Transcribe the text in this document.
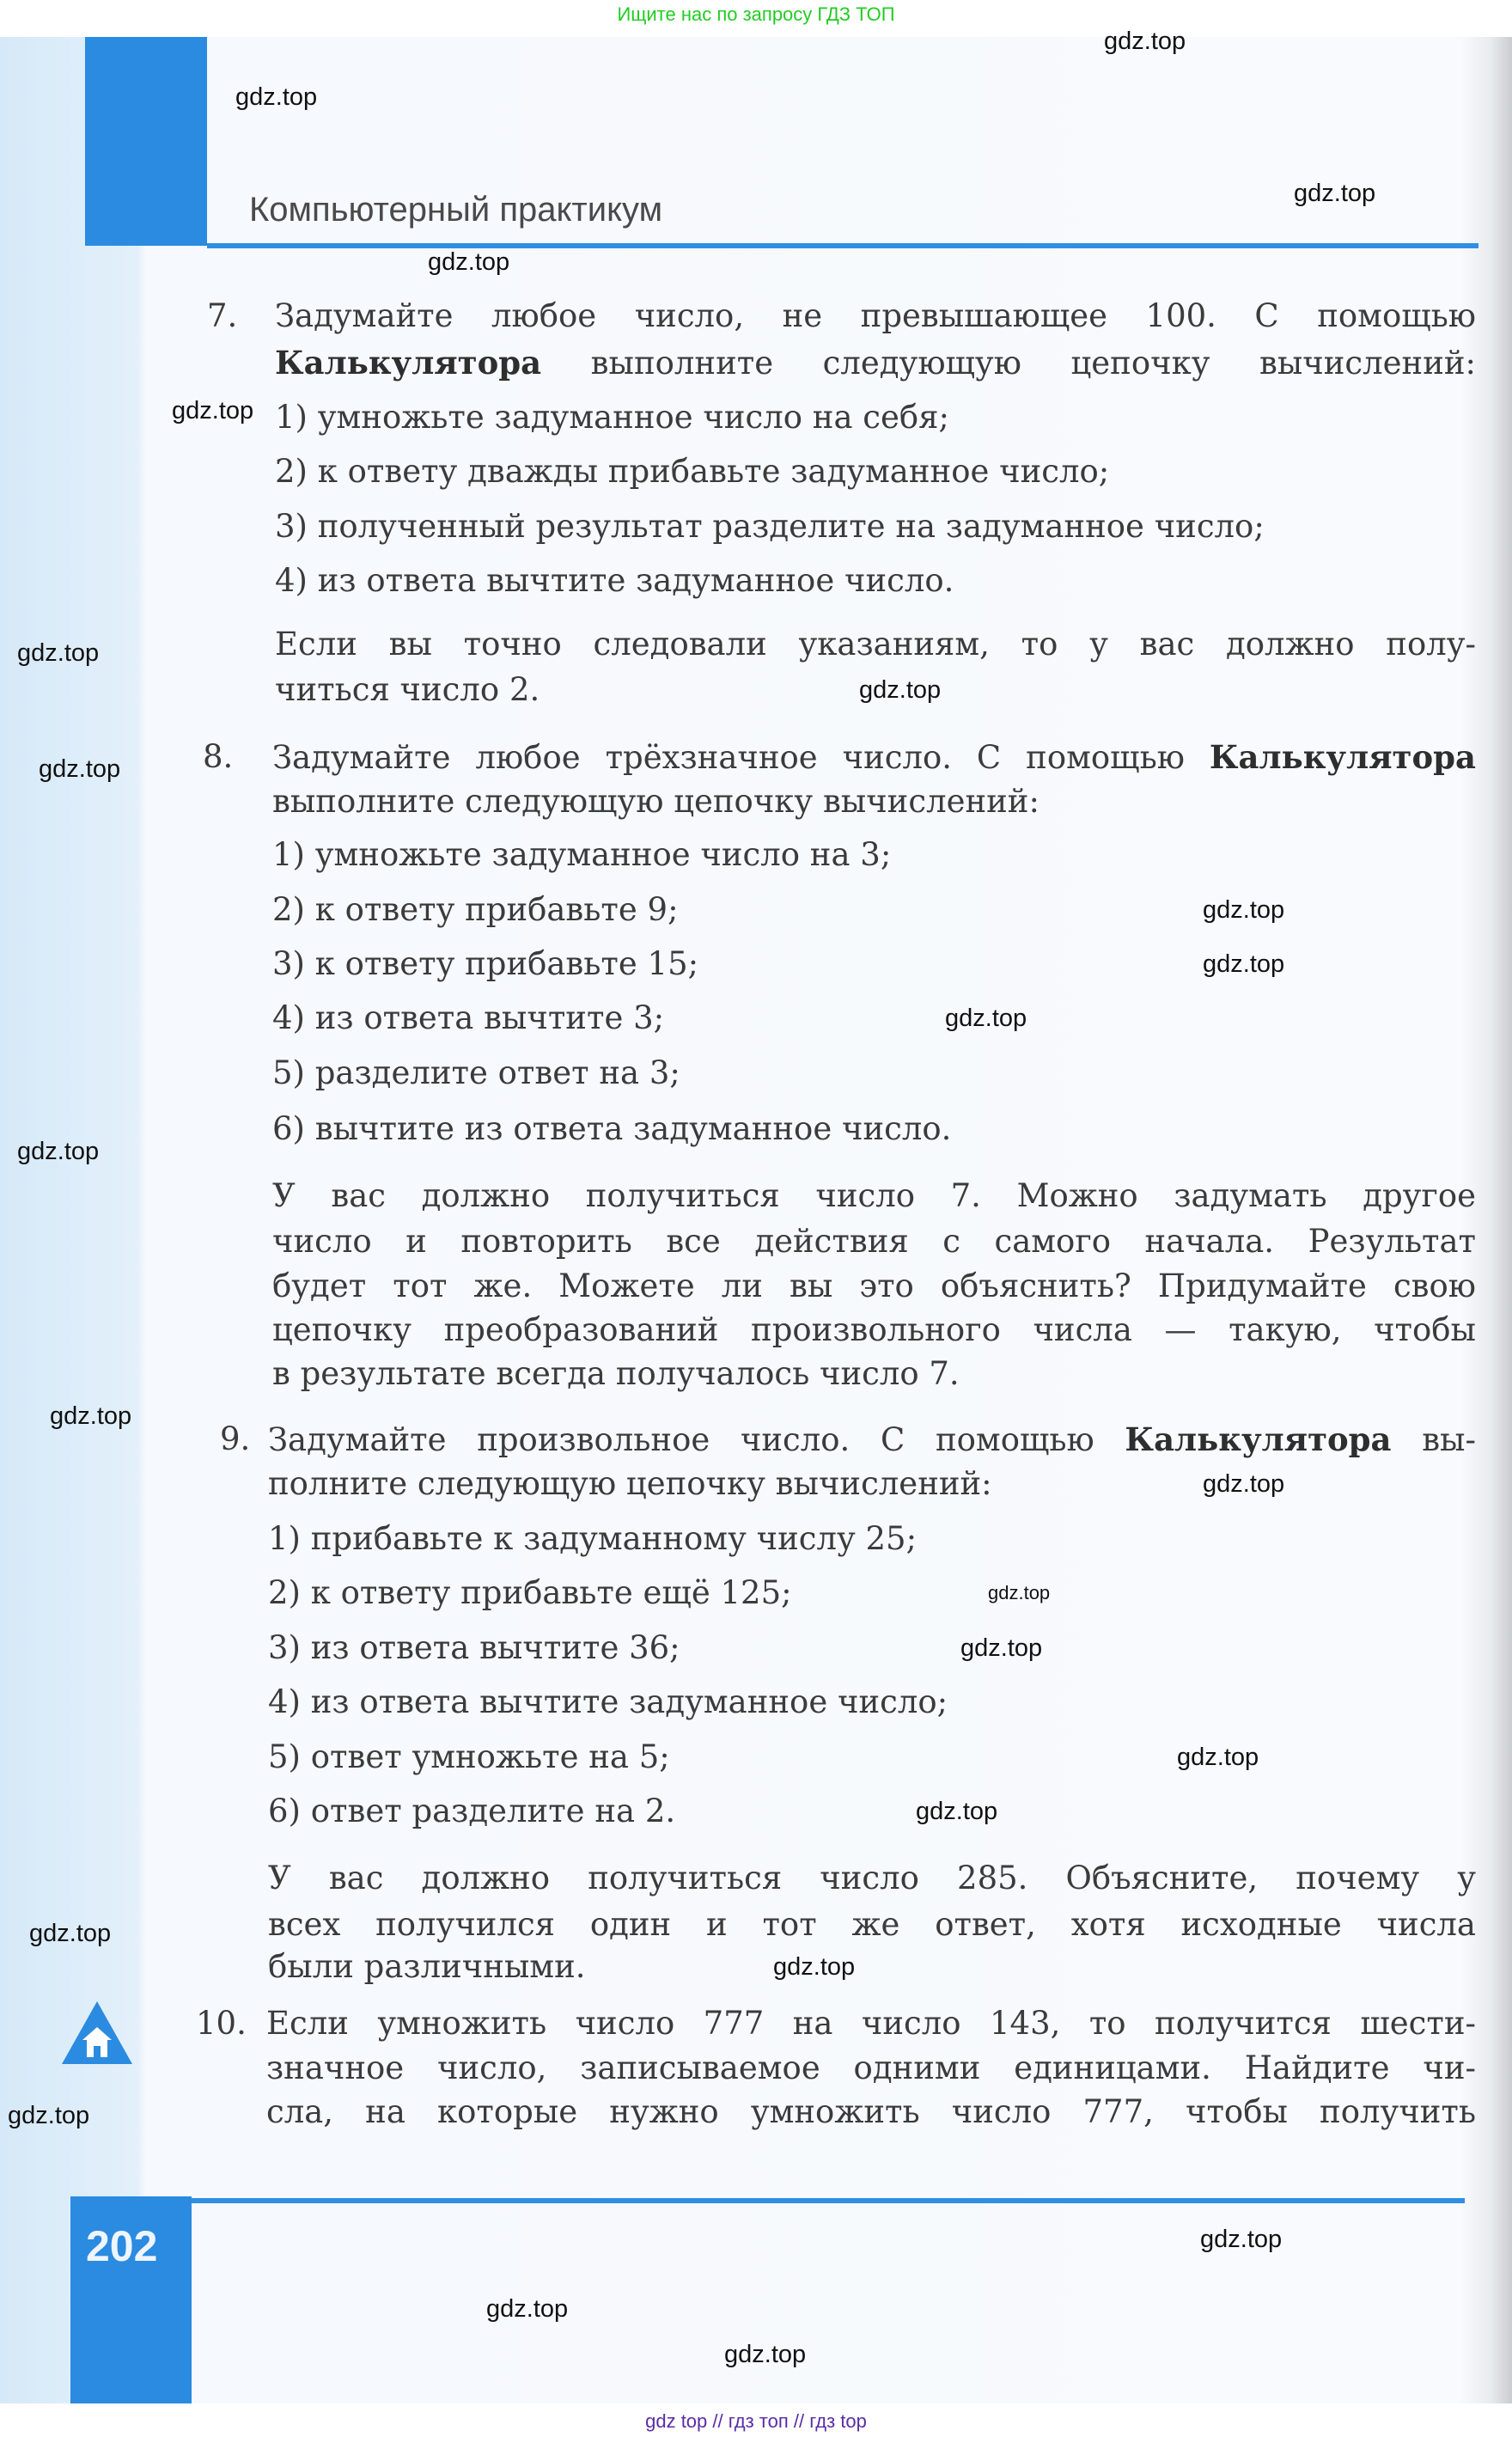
Ищите нас по запросу ГДЗ ТОП
Компьютерный практикум
7. Задумайте любое число, не превышающее 100. С помощью
Калькулятора выполните следующую цепочку вычислений:
1) умножьте задуманное число на себя;
2) к ответу дважды прибавьте задуманное число;
3) полученный результат разделите на задуманное число;
4) из ответа вычтите задуманное число.
Если вы точно следовали указаниям, то у вас должно полу-
читься число 2.
8. Задумайте любое трёхзначное число. С помощью Калькулятора
выполните следующую цепочку вычислений:
1) умножьте задуманное число на 3;
2) к ответу прибавьте 9;
3) к ответу прибавьте 15;
4) из ответа вычтите 3;
5) разделите ответ на 3;
6) вычтите из ответа задуманное число.
У вас должно получиться число 7. Можно задумать другое
число и повторить все действия с самого начала. Результат
будет тот же. Можете ли вы это объяснить? Придумайте свою
цепочку преобразований произвольного числа — такую, чтобы
в результате всегда получалось число 7.
9. Задумайте произвольное число. С помощью Калькулятора вы-
полните следующую цепочку вычислений:
1) прибавьте к задуманному числу 25;
2) к ответу прибавьте ещё 125;
3) из ответа вычтите 36;
4) из ответа вычтите задуманное число;
5) ответ умножьте на 5;
6) ответ разделите на 2.
У вас должно получиться число 285. Объясните, почему у
всех получился один и тот же ответ, хотя исходные числа
были различными.
10. Если умножить число 777 на число 143, то получится шести-
значное число, записываемое одними единицами. Найдите чи-
сла, на которые нужно умножить число 777, чтобы получить
202
gdz.top
gdz.top
gdz.top
gdz.top
gdz.top
gdz.top
gdz.top
gdz.top
gdz.top
gdz.top
gdz.top
gdz.top
gdz.top
gdz.top
gdz.top
gdz.top
gdz.top
gdz.top
gdz.top
gdz.top
gdz.top
gdz.top
gdz.top
gdz.top
gdz top // гдз топ // гдз top
